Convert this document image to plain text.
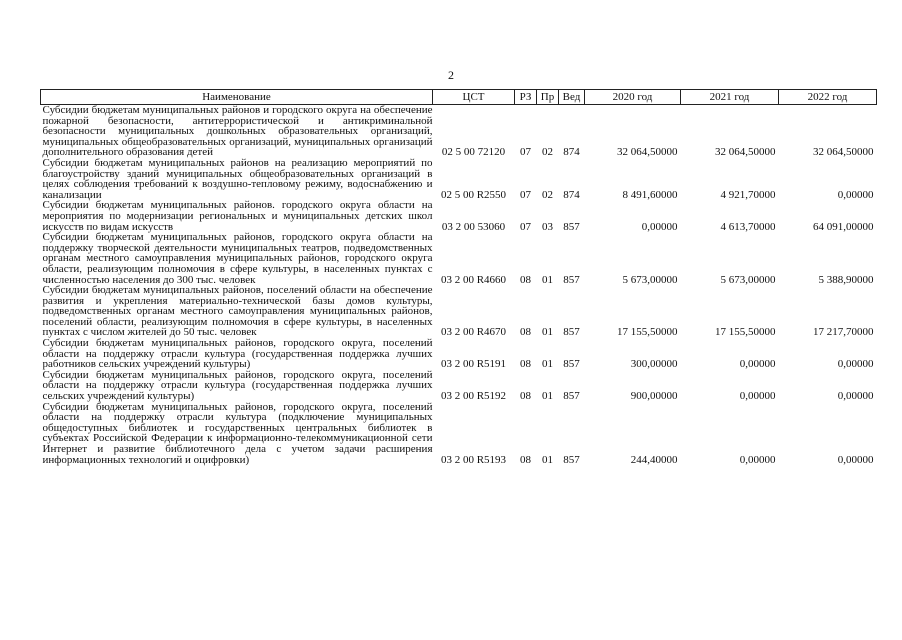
2
Наименование	ЦСТ	РЗ	Пр	Вед	2020 год	2021 год	2022 год

Субсидии бюджетам муниципальных районов и городского округа на обеспечение пожарной безопасности, антитеррористической и антикриминальной безопасности муниципальных дошкольных образовательных организаций, муниципальных общеобразовательных организаций, муниципальных организаций дополнительного образования детей	02 5 00 72120	07	02	874	32 064,50000	32 064,50000	32 064,50000

Субсидии бюджетам муниципальных районов на реализацию мероприятий по благоустройству зданий муниципальных общеобразовательных организаций в целях соблюдения требований к воздушно-тепловому режиму, водоснабжению и канализации	02 5 00 R2550	07	02	874	8 491,60000	4 921,70000	0,00000

Субсидии бюджетам муниципальных районов. городского округа области на мероприятия по модернизации региональных и муниципальных детских школ искусств по видам искусств	03 2 00 53060	07	03	857	0,00000	4 613,70000	64 091,00000

Субсидии бюджетам муниципальных районов, городского округа области на поддержку творческой деятельности муниципальных театров, подведомственных органам местного самоуправления муниципальных районов, городского округа области, реализующим полномочия в сфере культуры, в населенных пунктах с численностью населения до 300 тыс. человек	03 2 00 R4660	08	01	857	5 673,00000	5 673,00000	5 388,90000

Субсидии бюджетам муниципальных районов, поселений области на обеспечение развития и укрепления материально-технической базы домов культуры, подведомственных органам местного самоуправления муниципальных районов, поселений области, реализующим полномочия в сфере культуры, в населенных пунктах с числом жителей до 50 тыс. человек	03 2 00 R4670	08	01	857	17 155,50000	17 155,50000	17 217,70000

Субсидии бюджетам муниципальных районов, городского округа, поселений области на поддержку отрасли культура (государственная поддержка лучших работников сельских учреждений культуры)	03 2 00 R5191	08	01	857	300,00000	0,00000	0,00000

Субсидии бюджетам муниципальных районов, городского округа, поселений области на поддержку отрасли культура (государственная поддержка лучших сельских учреждений культуры)	03 2 00 R5192	08	01	857	900,00000	0,00000	0,00000

Субсидии бюджетам муниципальных районов, городского округа, поселений области на поддержку отрасли культура (подключение муниципальных общедоступных библиотек и государственных центральных библиотек в субъектах Российской Федерации к информационно-телекоммуникационной сети Интернет и развитие библиотечного дела с учетом задачи расширения информационных технологий и оцифровки)	03 2 00 R5193	08	01	857	244,40000	0,00000	0,00000
